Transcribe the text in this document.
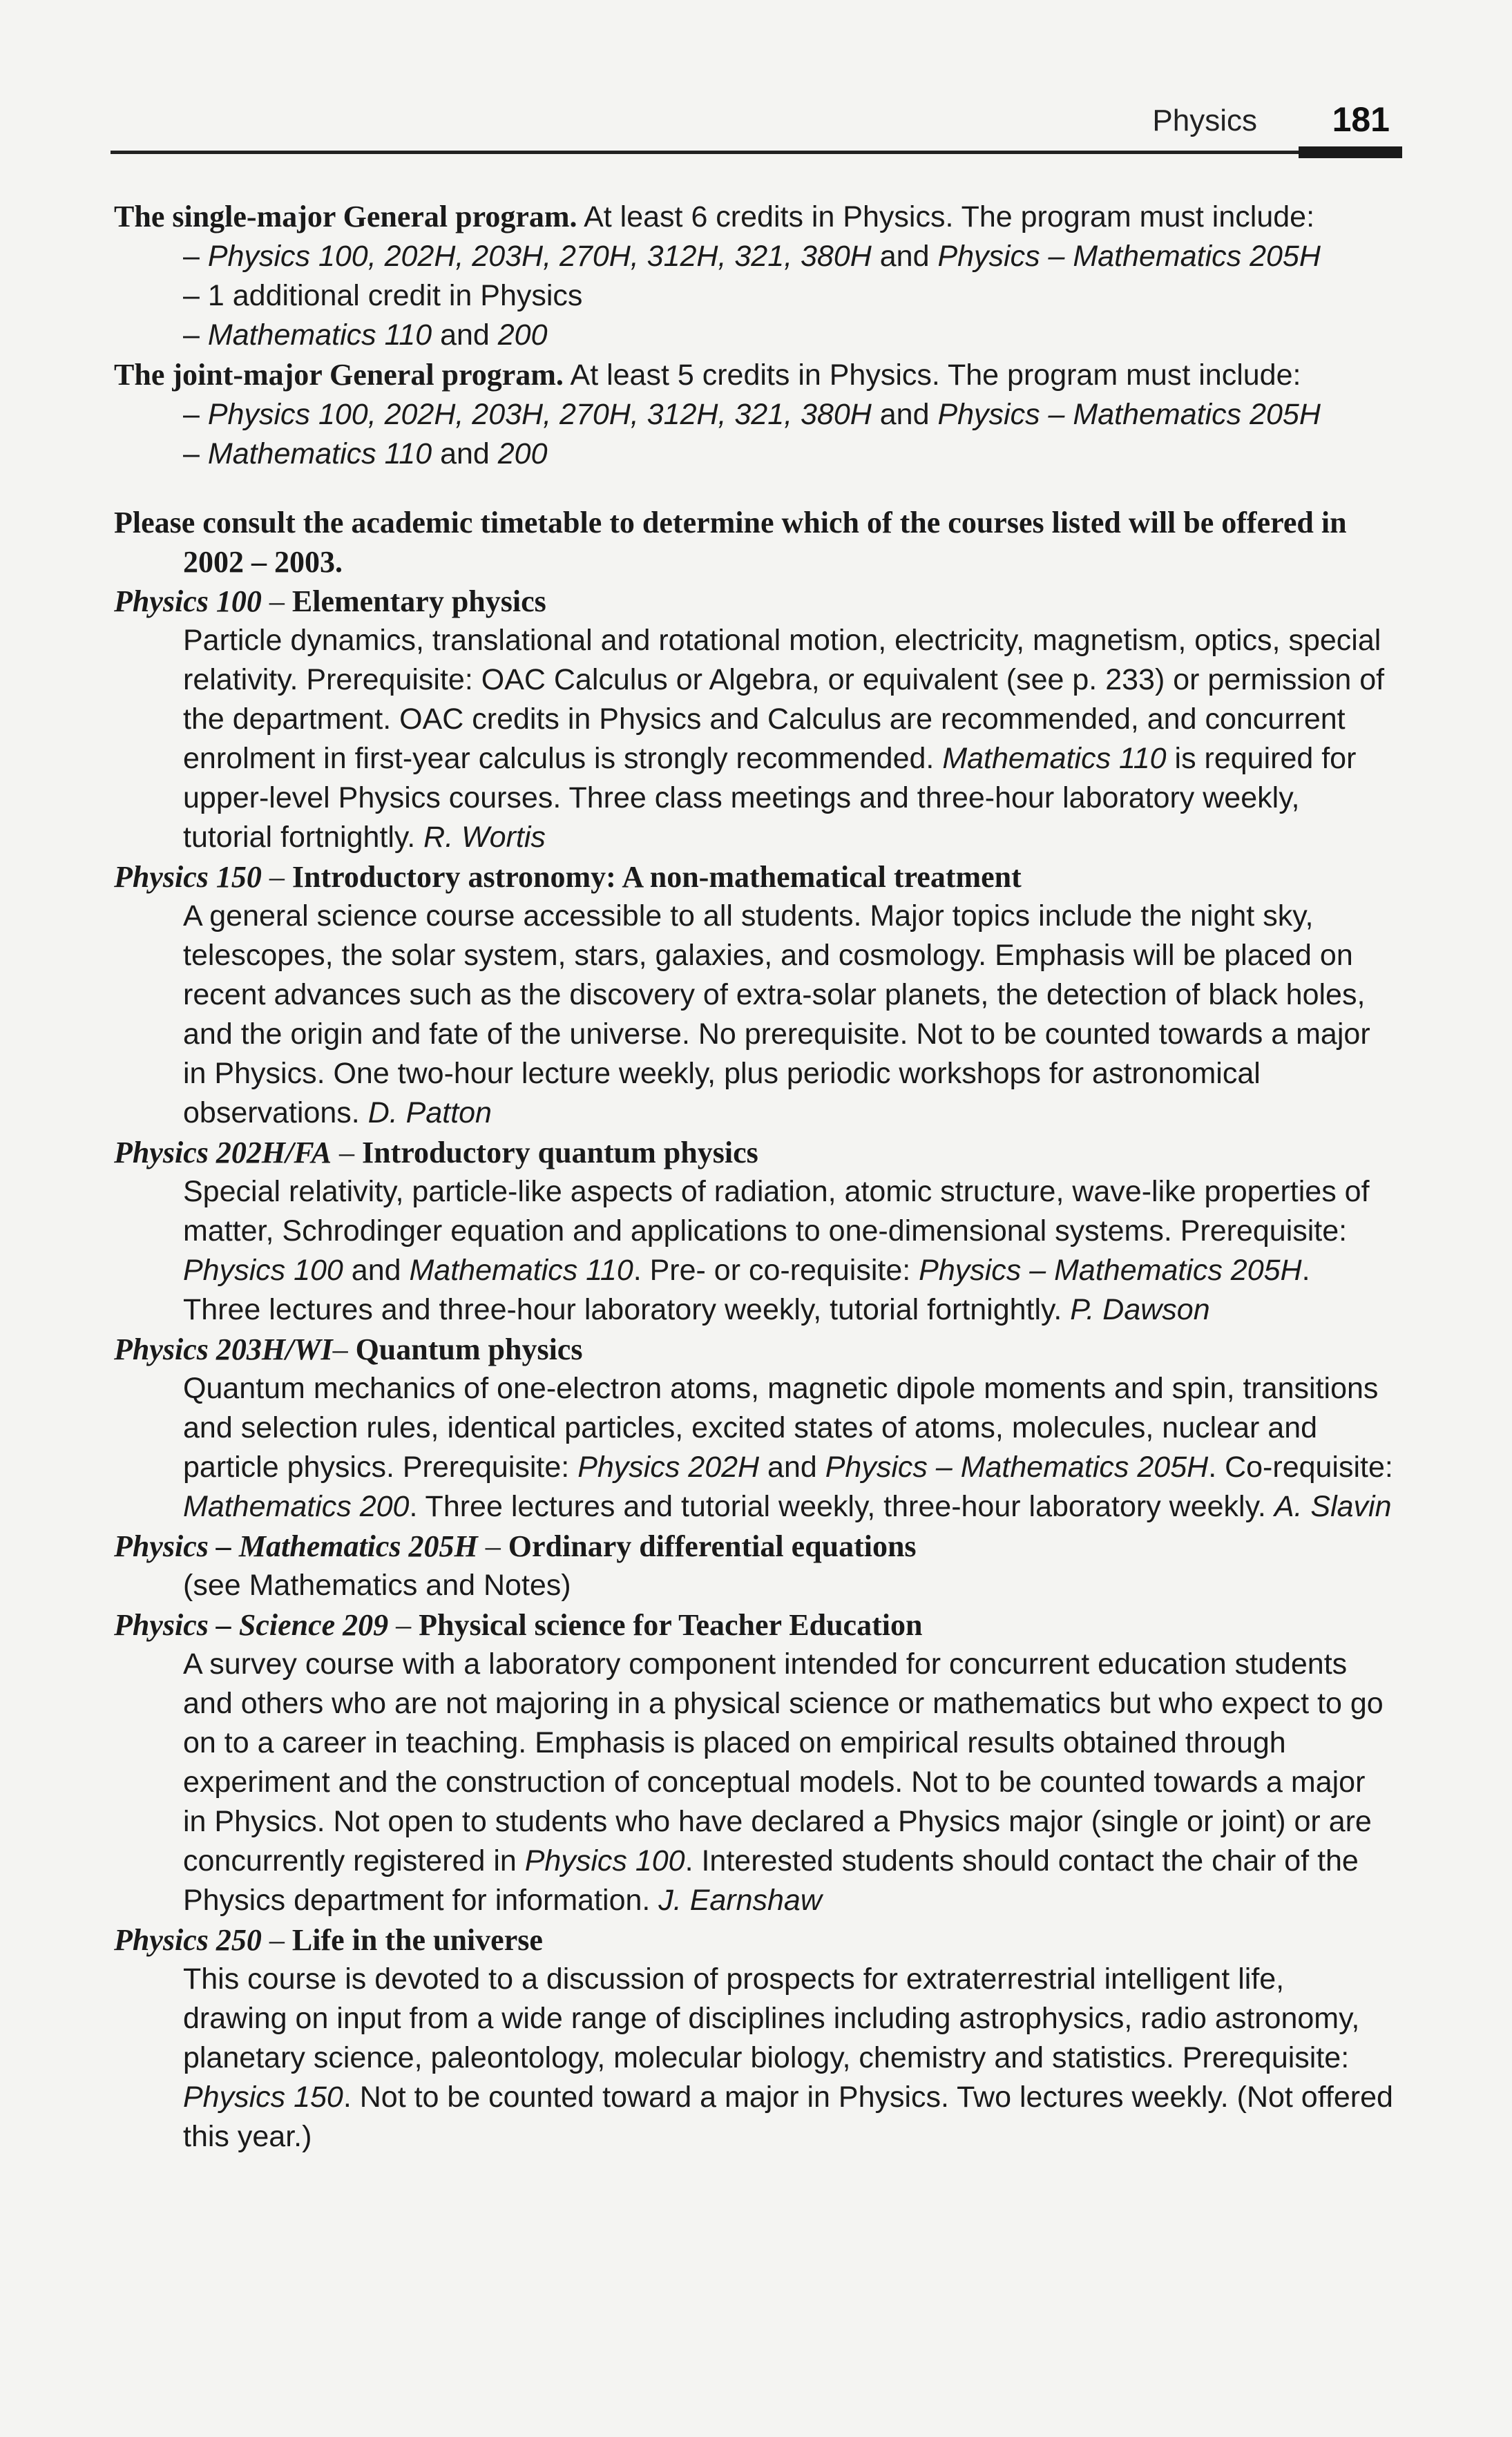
Physics 181
The single-major General program. At least 6 credits in Physics. The program must include:
– Physics 100, 202H, 203H, 270H, 312H, 321, 380H and Physics – Mathematics 205H
– 1 additional credit in Physics
– Mathematics 110 and 200
The joint-major General program. At least 5 credits in Physics. The program must include:
– Physics 100, 202H, 203H, 270H, 312H, 321, 380H and Physics – Mathematics 205H
– Mathematics 110 and 200
Please consult the academic timetable to determine which of the courses listed will be offered in 2002 – 2003.
Physics 100 – Elementary physics
Particle dynamics, translational and rotational motion, electricity, magnetism, optics, special relativity. Prerequisite: OAC Calculus or Algebra, or equivalent (see p. 233) or permission of the department. OAC credits in Physics and Calculus are recommended, and concurrent enrolment in first-year calculus is strongly recommended. Mathematics 110 is required for upper-level Physics courses. Three class meetings and three-hour laboratory weekly, tutorial fortnightly. R. Wortis
Physics 150 – Introductory astronomy: A non-mathematical treatment
A general science course accessible to all students. Major topics include the night sky, telescopes, the solar system, stars, galaxies, and cosmology. Emphasis will be placed on recent advances such as the discovery of extra-solar planets, the detection of black holes, and the origin and fate of the universe. No prerequisite. Not to be counted towards a major in Physics. One two-hour lecture weekly, plus periodic workshops for astronomical observations. D. Patton
Physics 202H/FA – Introductory quantum physics
Special relativity, particle-like aspects of radiation, atomic structure, wave-like properties of matter, Schrodinger equation and applications to one-dimensional systems. Prerequisite: Physics 100 and Mathematics 110. Pre- or co-requisite: Physics – Mathematics 205H. Three lectures and three-hour laboratory weekly, tutorial fortnightly. P. Dawson
Physics 203H/WI– Quantum physics
Quantum mechanics of one-electron atoms, magnetic dipole moments and spin, transitions and selection rules, identical particles, excited states of atoms, molecules, nuclear and particle physics. Prerequisite: Physics 202H and Physics – Mathematics 205H. Co-requisite: Mathematics 200. Three lectures and tutorial weekly, three-hour laboratory weekly. A. Slavin
Physics – Mathematics 205H – Ordinary differential equations
(see Mathematics and Notes)
Physics – Science 209 – Physical science for Teacher Education
A survey course with a laboratory component intended for concurrent education students and others who are not majoring in a physical science or mathematics but who expect to go on to a career in teaching. Emphasis is placed on empirical results obtained through experiment and the construction of conceptual models. Not to be counted towards a major in Physics. Not open to students who have declared a Physics major (single or joint) or are concurrently registered in Physics 100. Interested students should contact the chair of the Physics department for information. J. Earnshaw
Physics 250 – Life in the universe
This course is devoted to a discussion of prospects for extraterrestrial intelligent life, drawing on input from a wide range of disciplines including astrophysics, radio astronomy, planetary science, paleontology, molecular biology, chemistry and statistics. Prerequisite: Physics 150. Not to be counted toward a major in Physics. Two lectures weekly. (Not offered this year.)
